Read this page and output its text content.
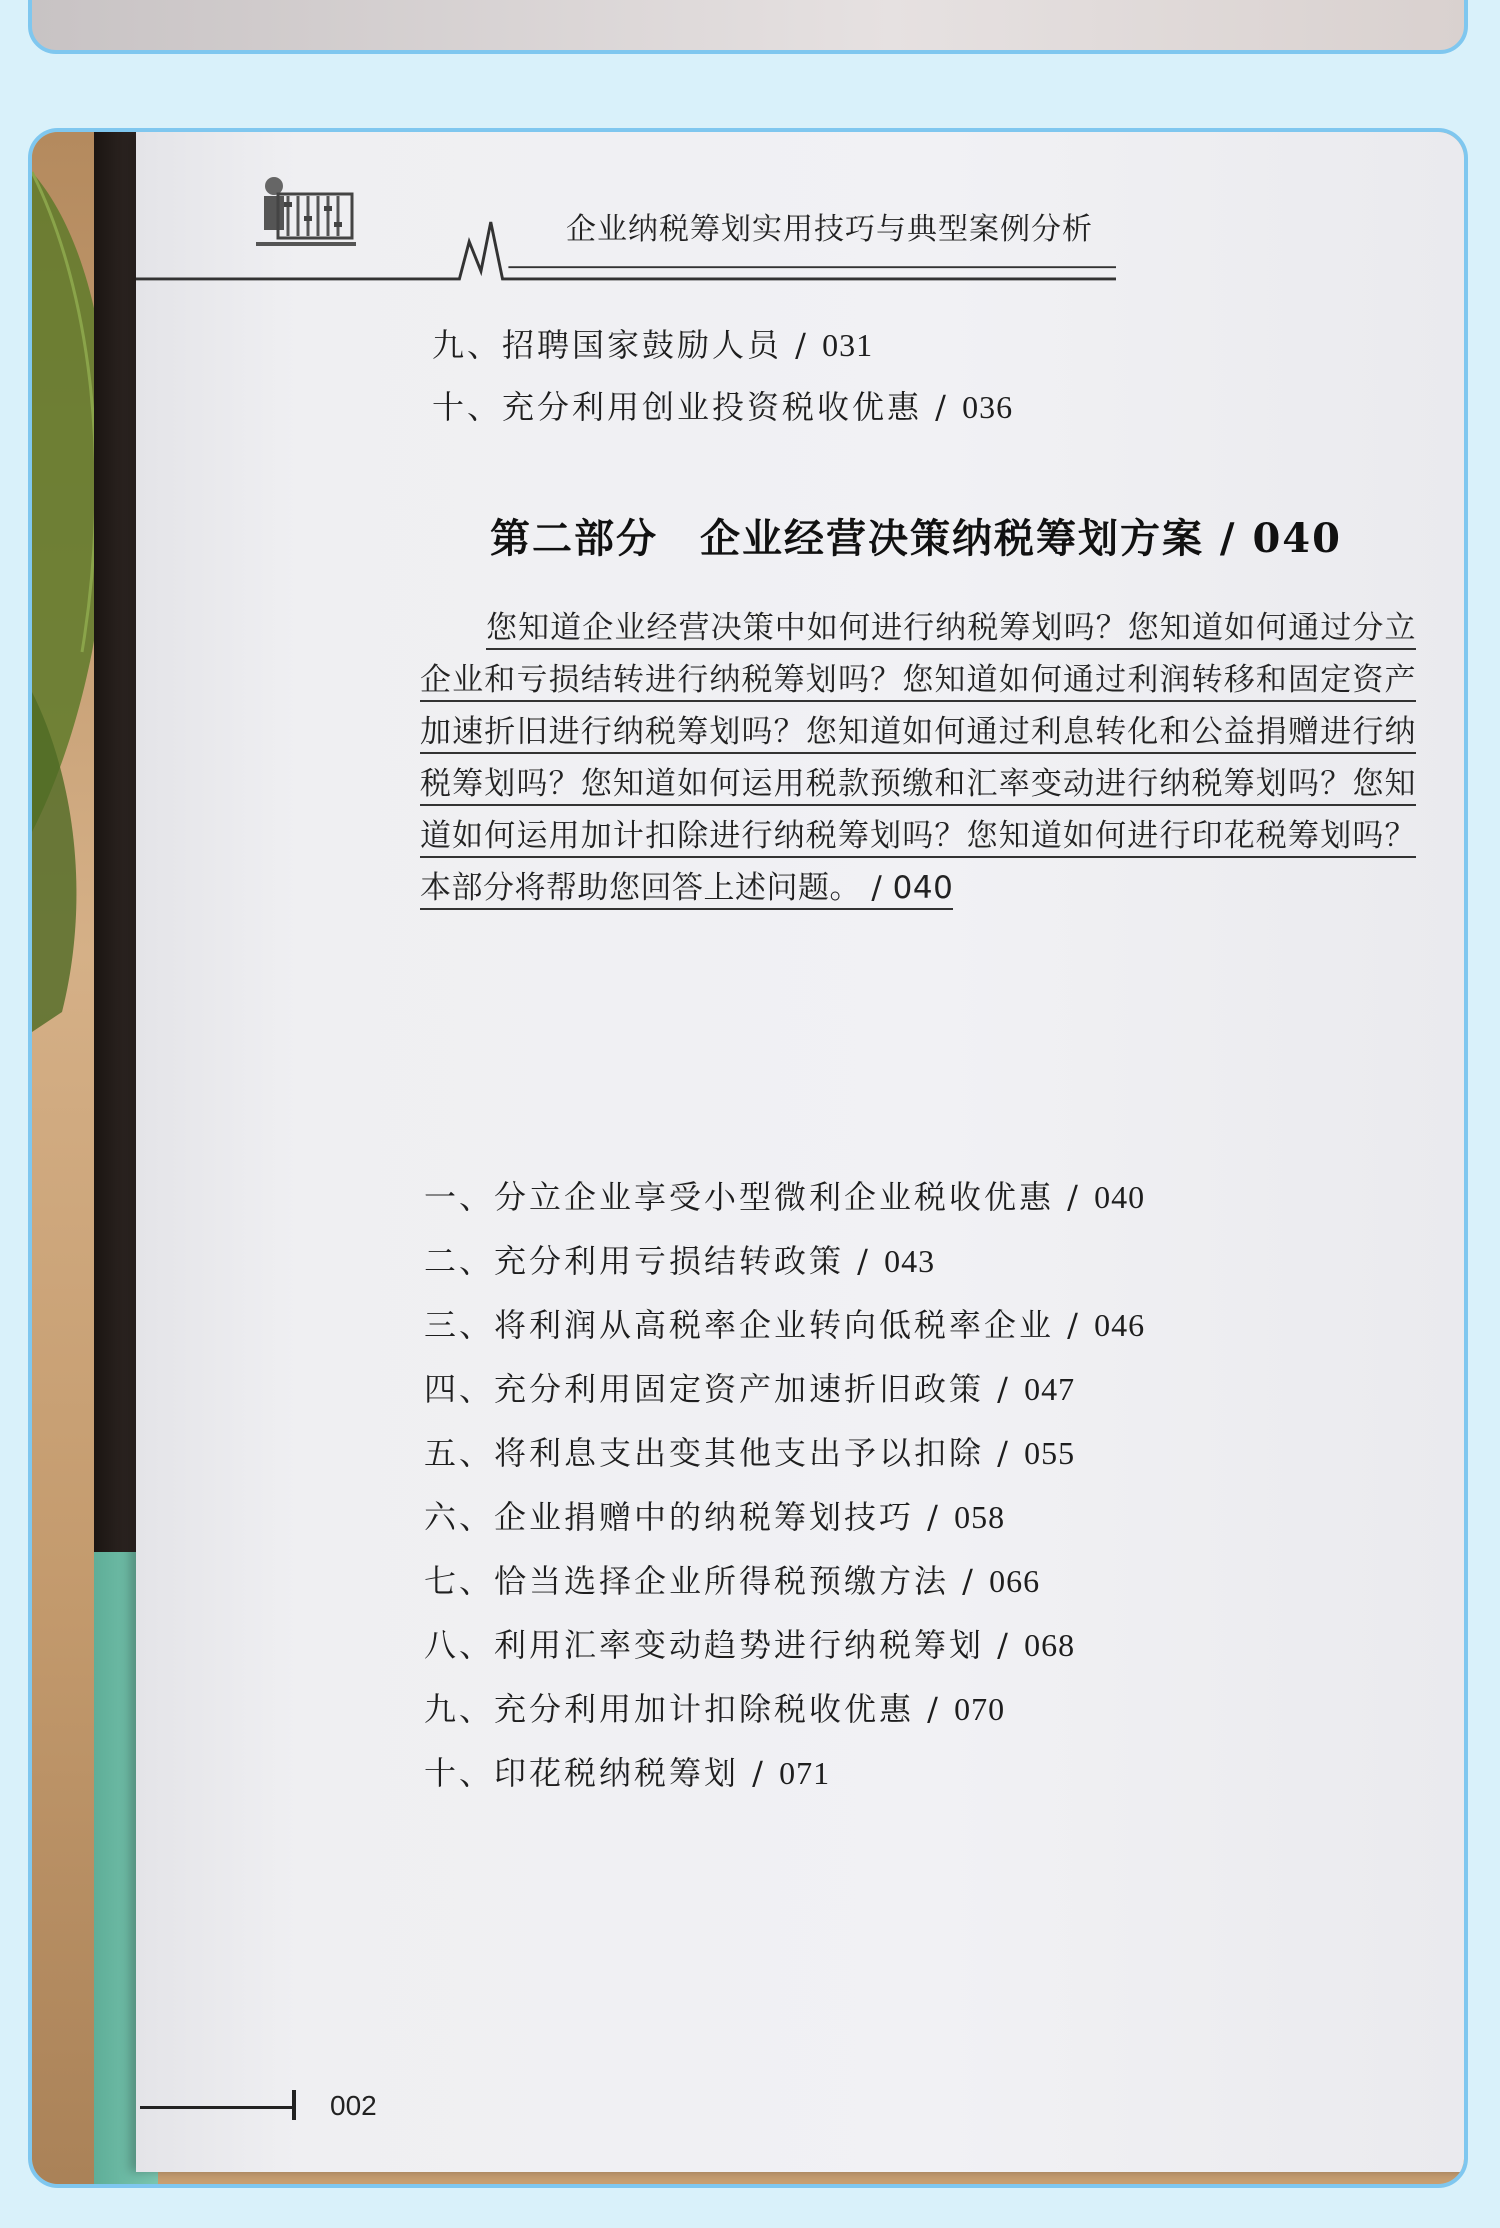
企业纳税筹划实用技巧与典型案例分析
九、招聘国家鼓励人员 / 031
十、充分利用创业投资税收优惠 / 036
第二部分　企业经营决策纳税筹划方案 / 040
您知道企业经营决策中如何进行纳税筹划吗？您知道如何通过分立企业和亏损结转进行纳税筹划吗？您知道如何通过利润转移和固定资产加速折旧进行纳税筹划吗？您知道如何通过利息转化和公益捐赠进行纳税筹划吗？您知道如何运用税款预缴和汇率变动进行纳税筹划吗？您知道如何运用加计扣除进行纳税筹划吗？您知道如何进行印花税筹划吗？本部分将帮助您回答上述问题。 / 040
一、分立企业享受小型微利企业税收优惠 / 040
二、充分利用亏损结转政策 / 043
三、将利润从高税率企业转向低税率企业 / 046
四、充分利用固定资产加速折旧政策 / 047
五、将利息支出变其他支出予以扣除 / 055
六、企业捐赠中的纳税筹划技巧 / 058
七、恰当选择企业所得税预缴方法 / 066
八、利用汇率变动趋势进行纳税筹划 / 068
九、充分利用加计扣除税收优惠 / 070
十、印花税纳税筹划 / 071
002
